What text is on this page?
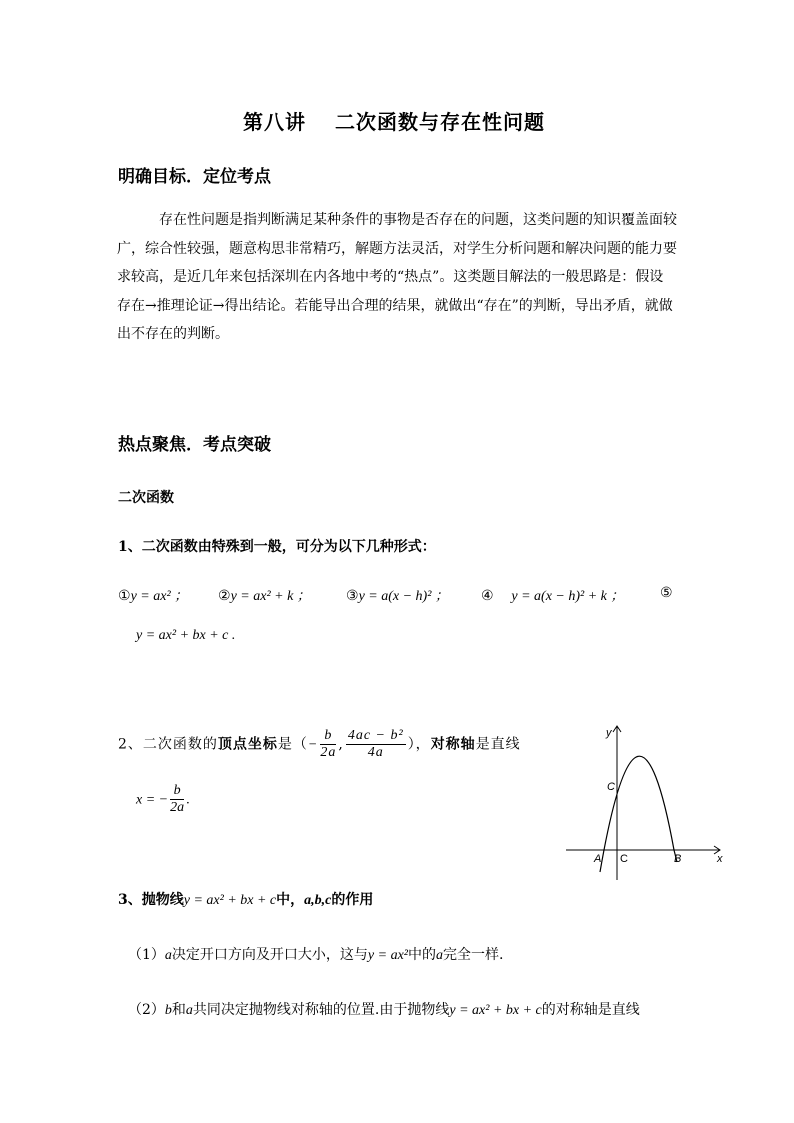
第八讲　 二次函数与存在性问题
明确目标．定位考点
存在性问题是指判断满足某种条件的事物是否存在的问题，这类问题的知识覆盖面较广，综合性较强，题意构思非常精巧，解题方法灵活，对学生分析问题和解决问题的能力要求较高，是近几年来包括深圳在内各地中考的“热点”。这类题目解法的一般思路是：假设存在→推理论证→得出结论。若能导出合理的结果，就做出“存在”的判断，导出矛盾，就做出不存在的判断。
热点聚焦．考点突破
二次函数
1、二次函数由特殊到一般，可分为以下几种形式：
①y = ax² ； ②y = ax² + k ；	③y = a(x − h)² ； ④ y = a(x − h)² + k ；	⑤
y = ax² + bx + c .
2、二次函数的顶点坐标是（− $\frac{b}{2a}$ , $\frac{\text{4ac − b²}}{4a}$ ），对称轴是直线
x = − $\frac{b}{2a}$ .
y
x
C
A C	B
3、抛物线y = ax² + bx + c中，a,b,c的作用
（1）a决定开口方向及开口大小，这与y = ax²中的a完全一样.
（2）b和a共同决定抛物线对称轴的位置.由于抛物线y = ax² + bx + c的对称轴是直线
